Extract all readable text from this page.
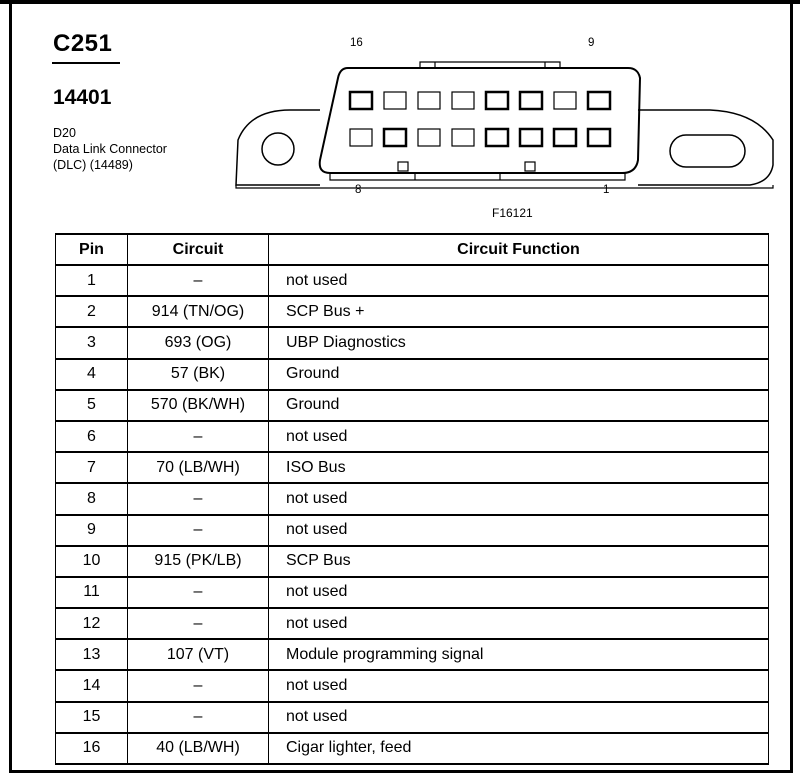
C251
14401
D20
Data Link Connector
(DLC) (14489)
16	9
8	1
F16121
Pin	Circuit	Circuit Function
1	–	not used
2	914 (TN/OG)	SCP Bus +
3	693 (OG)	UBP Diagnostics
4	57 (BK)	Ground
5	570 (BK/WH)	Ground
6	–	not used
7	70 (LB/WH)	ISO Bus
8	–	not used
9	–	not used
10	915 (PK/LB)	SCP Bus
11	–	not used
12	–	not used
13	107 (VT)	Module programming signal
14	–	not used
15	–	not used
16	40 (LB/WH)	Cigar lighter, feed
